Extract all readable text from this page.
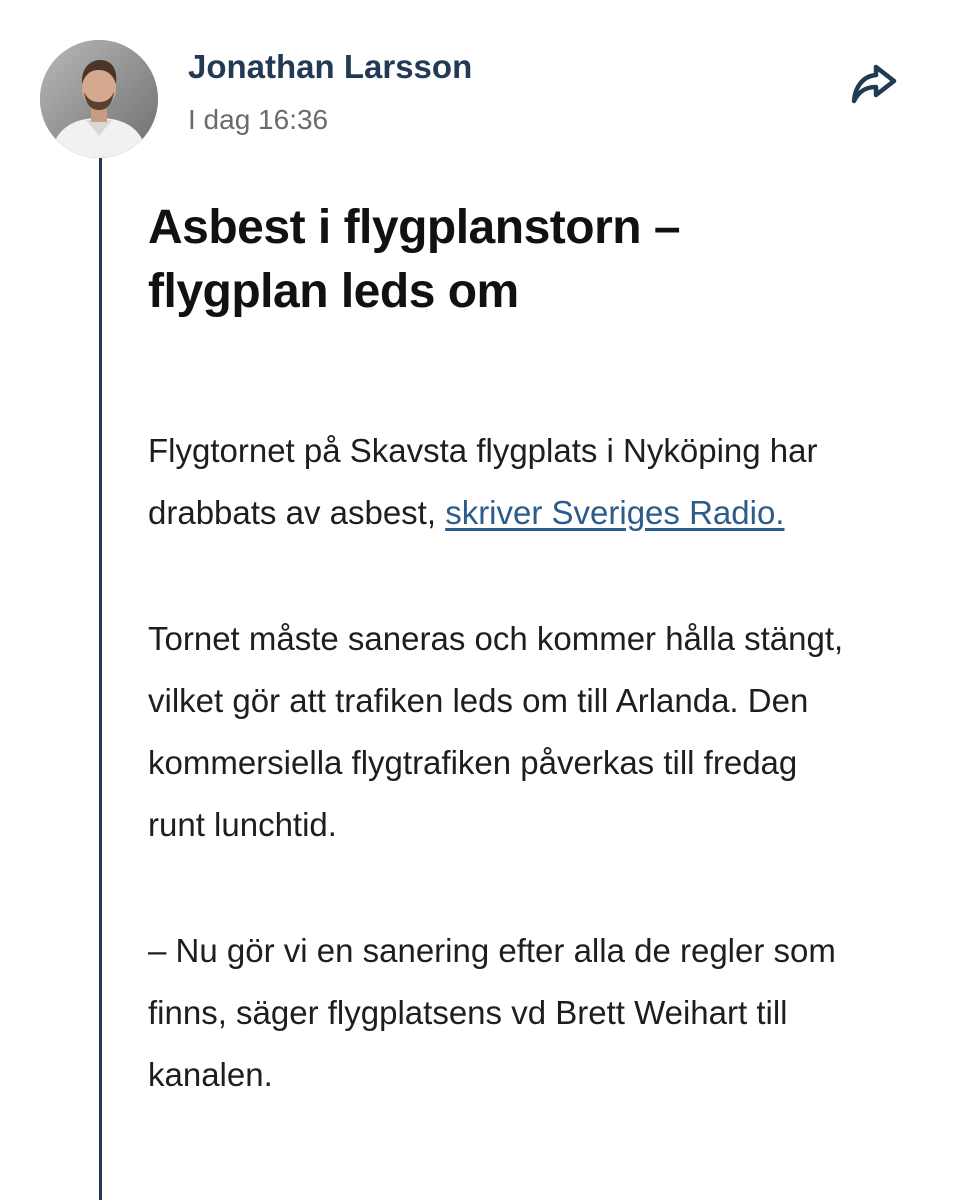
Jonathan Larsson
I dag 16:36
Asbest i flygplanstorn – flygplan leds om

Flygtornet på Skavsta flygplats i Nyköping har drabbats av asbest, skriver Sveriges Radio.

Tornet måste saneras och kommer hålla stängt, vilket gör att trafiken leds om till Arlanda. Den kommersiella flygtrafiken påverkas till fredag runt lunchtid.

– Nu gör vi en sanering efter alla de regler som finns, säger flygplatsens vd Brett Weihart till kanalen.
